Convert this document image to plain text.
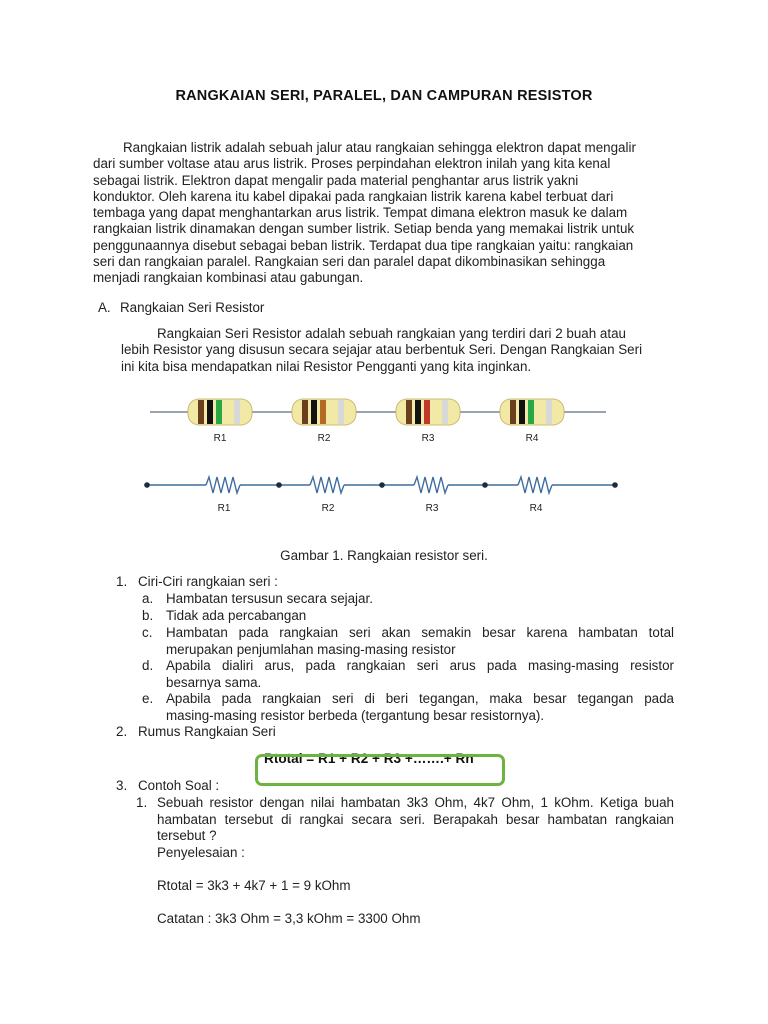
RANGKAIAN SERI, PARALEL, DAN CAMPURAN RESISTOR
Rangkaian listrik adalah sebuah jalur atau rangkaian sehingga elektron dapat mengalir
dari sumber voltase atau arus listrik. Proses perpindahan elektron inilah yang kita kenal
sebagai listrik. Elektron dapat mengalir pada material penghantar arus listrik yakni
konduktor. Oleh karena itu kabel dipakai pada rangkaian listrik karena kabel terbuat dari
tembaga yang dapat menghantarkan arus listrik. Tempat dimana elektron masuk ke dalam
rangkaian listrik dinamakan dengan sumber listrik. Setiap benda yang memakai listrik untuk
penggunaannya disebut sebagai beban listrik. Terdapat dua tipe rangkaian yaitu: rangkaian
seri dan rangkaian paralel. Rangkaian seri dan paralel dapat dikombinasikan sehingga
menjadi rangkaian kombinasi atau gabungan.
A. Rangkaian Seri Resistor
Rangkaian Seri Resistor adalah sebuah rangkaian yang terdiri dari 2 buah atau
lebih Resistor yang disusun secara sejajar atau berbentuk Seri. Dengan Rangkaian Seri
ini kita bisa mendapatkan nilai Resistor Pengganti yang kita inginkan.
R1	R2	R3	R4
R1	R2	R3	R4
Gambar 1. Rangkaian resistor seri.
1. Ciri-Ciri rangkaian seri :
a. Hambatan tersusun secara sejajar.
b. Tidak ada percabangan
c. Hambatan pada rangkaian seri akan semakin besar karena hambatan total
merupakan penjumlahan masing-masing resistor
d. Apabila dialiri arus, pada rangkaian seri arus pada masing-masing resistor
besarnya sama.
e. Apabila pada rangkaian seri di beri tegangan, maka besar tegangan pada
masing-masing resistor berbeda (tergantung besar resistornya).
2. Rumus Rangkaian Seri
3. Contoh Soal :
1. Sebuah resistor dengan nilai hambatan 3k3 Ohm, 4k7 Ohm, 1 kOhm. Ketiga buah
hambatan tersebut di rangkai secara seri. Berapakah besar hambatan rangkaian
tersebut ?
Penyelesaian :
Rtotal = 3k3 + 4k7 + 1 = 9 kOhm
Catatan : 3k3 Ohm = 3,3 kOhm = 3300 Ohm
Rtotal = R1 + R2 + R3 +…….+ Rn
